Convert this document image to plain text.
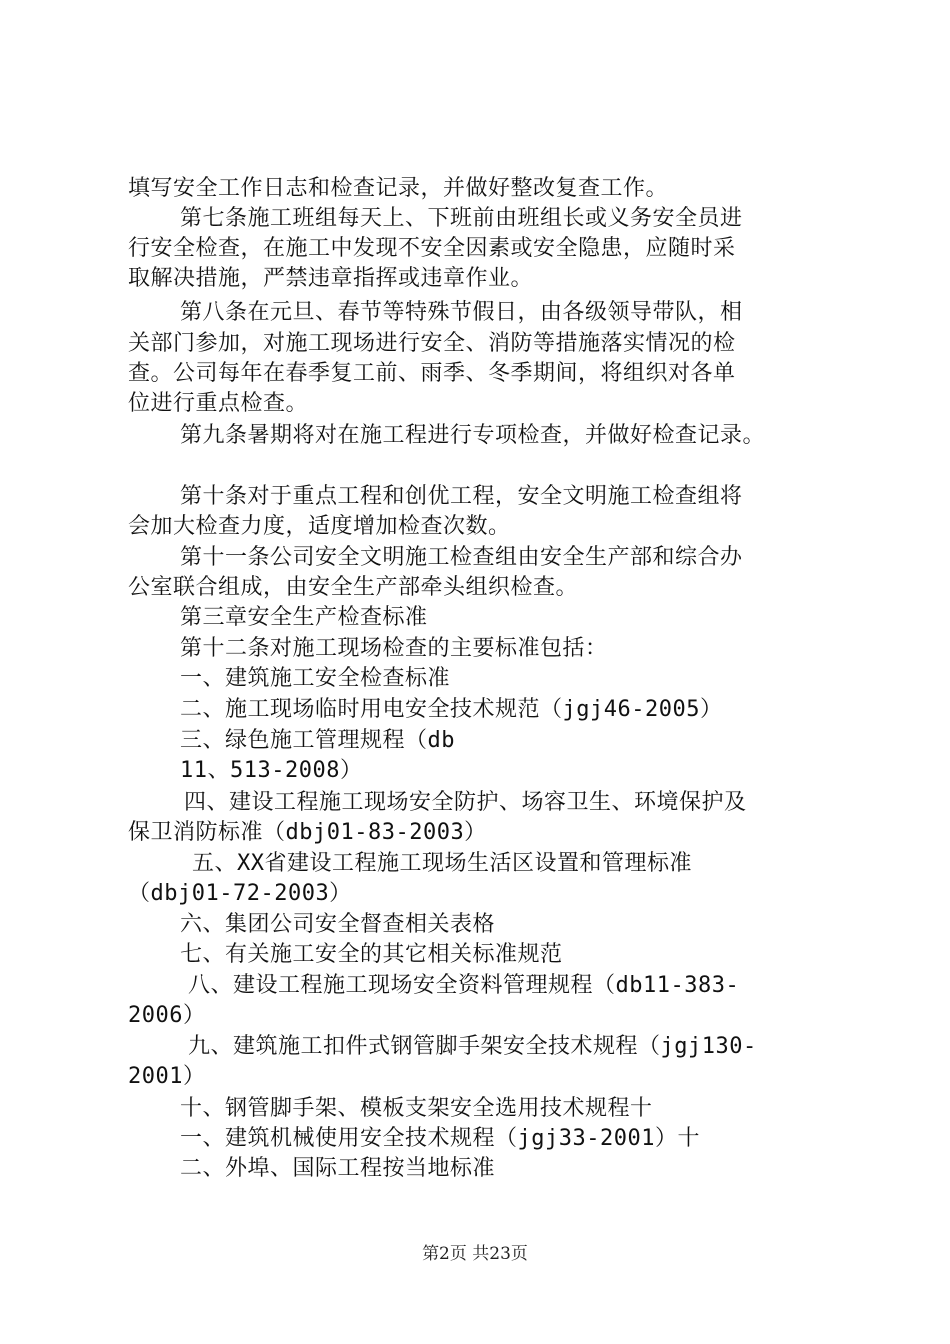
填写安全工作日志和检查记录，并做好整改复查工作。
第七条施工班组每天上、下班前由班组长或义务安全员进
行安全检查，在施工中发现不安全因素或安全隐患，应随时采
取解决措施，严禁违章指挥或违章作业。
第八条在元旦、春节等特殊节假日，由各级领导带队，相
关部门参加，对施工现场进行安全、消防等措施落实情况的检
查。公司每年在春季复工前、雨季、冬季期间，将组织对各单
位进行重点检查。
第九条暑期将对在施工程进行专项检查，并做好检查记录。
第十条对于重点工程和创优工程，安全文明施工检查组将
会加大检查力度，适度增加检查次数。
第十一条公司安全文明施工检查组由安全生产部和综合办
公室联合组成，由安全生产部牵头组织检查。
第三章安全生产检查标准
第十二条对施工现场检查的主要标准包括：
一、建筑施工安全检查标准
二、施工现场临时用电安全技术规范（jgj46-2005）
三、绿色施工管理规程（db
11、513-2008）
四、建设工程施工现场安全防护、场容卫生、环境保护及
保卫消防标准（dbj01-83-2003）
五、XX省建设工程施工现场生活区设置和管理标准
（dbj01-72-2003）
六、集团公司安全督查相关表格
七、有关施工安全的其它相关标准规范
八、建设工程施工现场安全资料管理规程（db11-383-
2006）
九、建筑施工扣件式钢管脚手架安全技术规程（jgj130-
2001）
十、钢管脚手架、模板支架安全选用技术规程十
一、建筑机械使用安全技术规程（jgj33-2001）十
二、外埠、国际工程按当地标准
第2页 共23页
